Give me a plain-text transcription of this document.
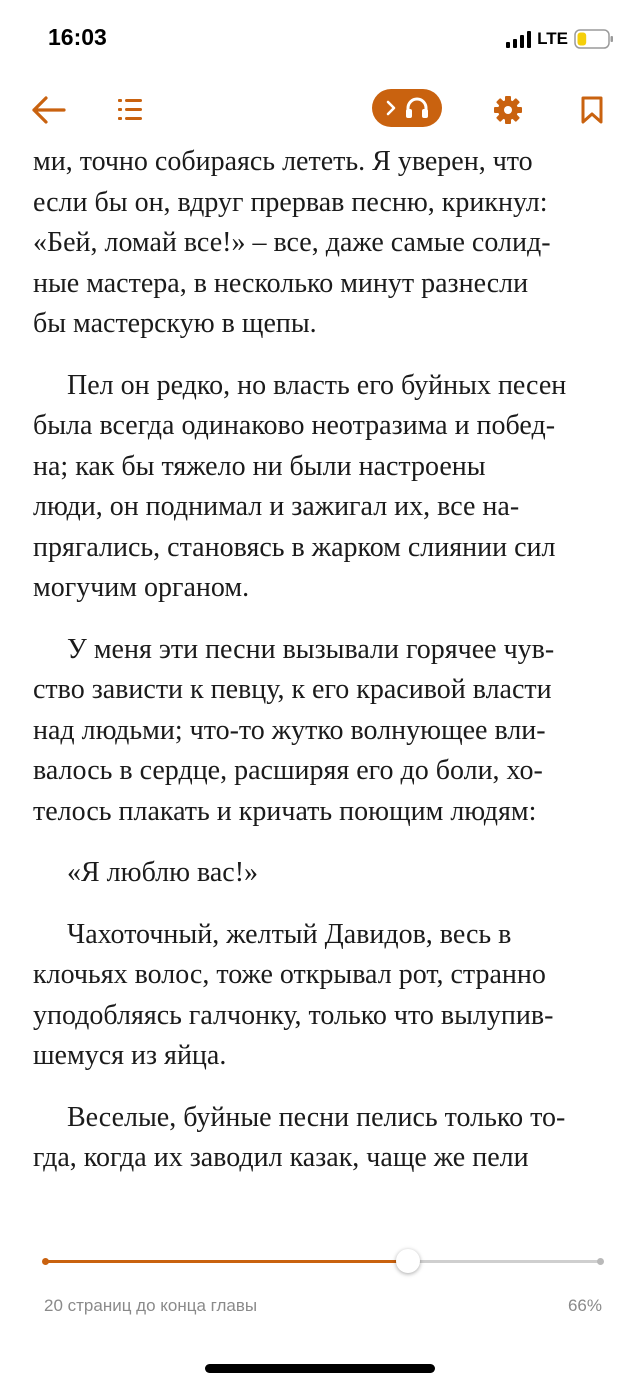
16:03	LTE

ми, точно собираясь лететь. Я уверен, что
если бы он, вдруг прервав песню, крикнул:
«Бей, ломай все!» – все, даже самые солид-
ные мастера, в несколько минут разнесли
бы мастерскую в щепы.

Пел он редко, но власть его буйных песен
была всегда одинаково неотразима и побед-
на; как бы тяжело ни были настроены
люди, он поднимал и зажигал их, все на-
прягались, становясь в жарком слиянии сил
могучим органом.

У меня эти песни вызывали горячее чув-
ство зависти к певцу, к его красивой власти
над людьми; что-то жутко волнующее вли-
валось в сердце, расширяя его до боли, хо-
телось плакать и кричать поющим людям:

«Я люблю вас!»

Чахоточный, желтый Давидов, весь в
клочьях волос, тоже открывал рот, странно
уподобляясь галчонку, только что вылупив-
шемуся из яйца.

Веселые, буйные песни пелись только то-
гда, когда их заводил казак, чаще же пели

20 страниц до конца главы	66%
